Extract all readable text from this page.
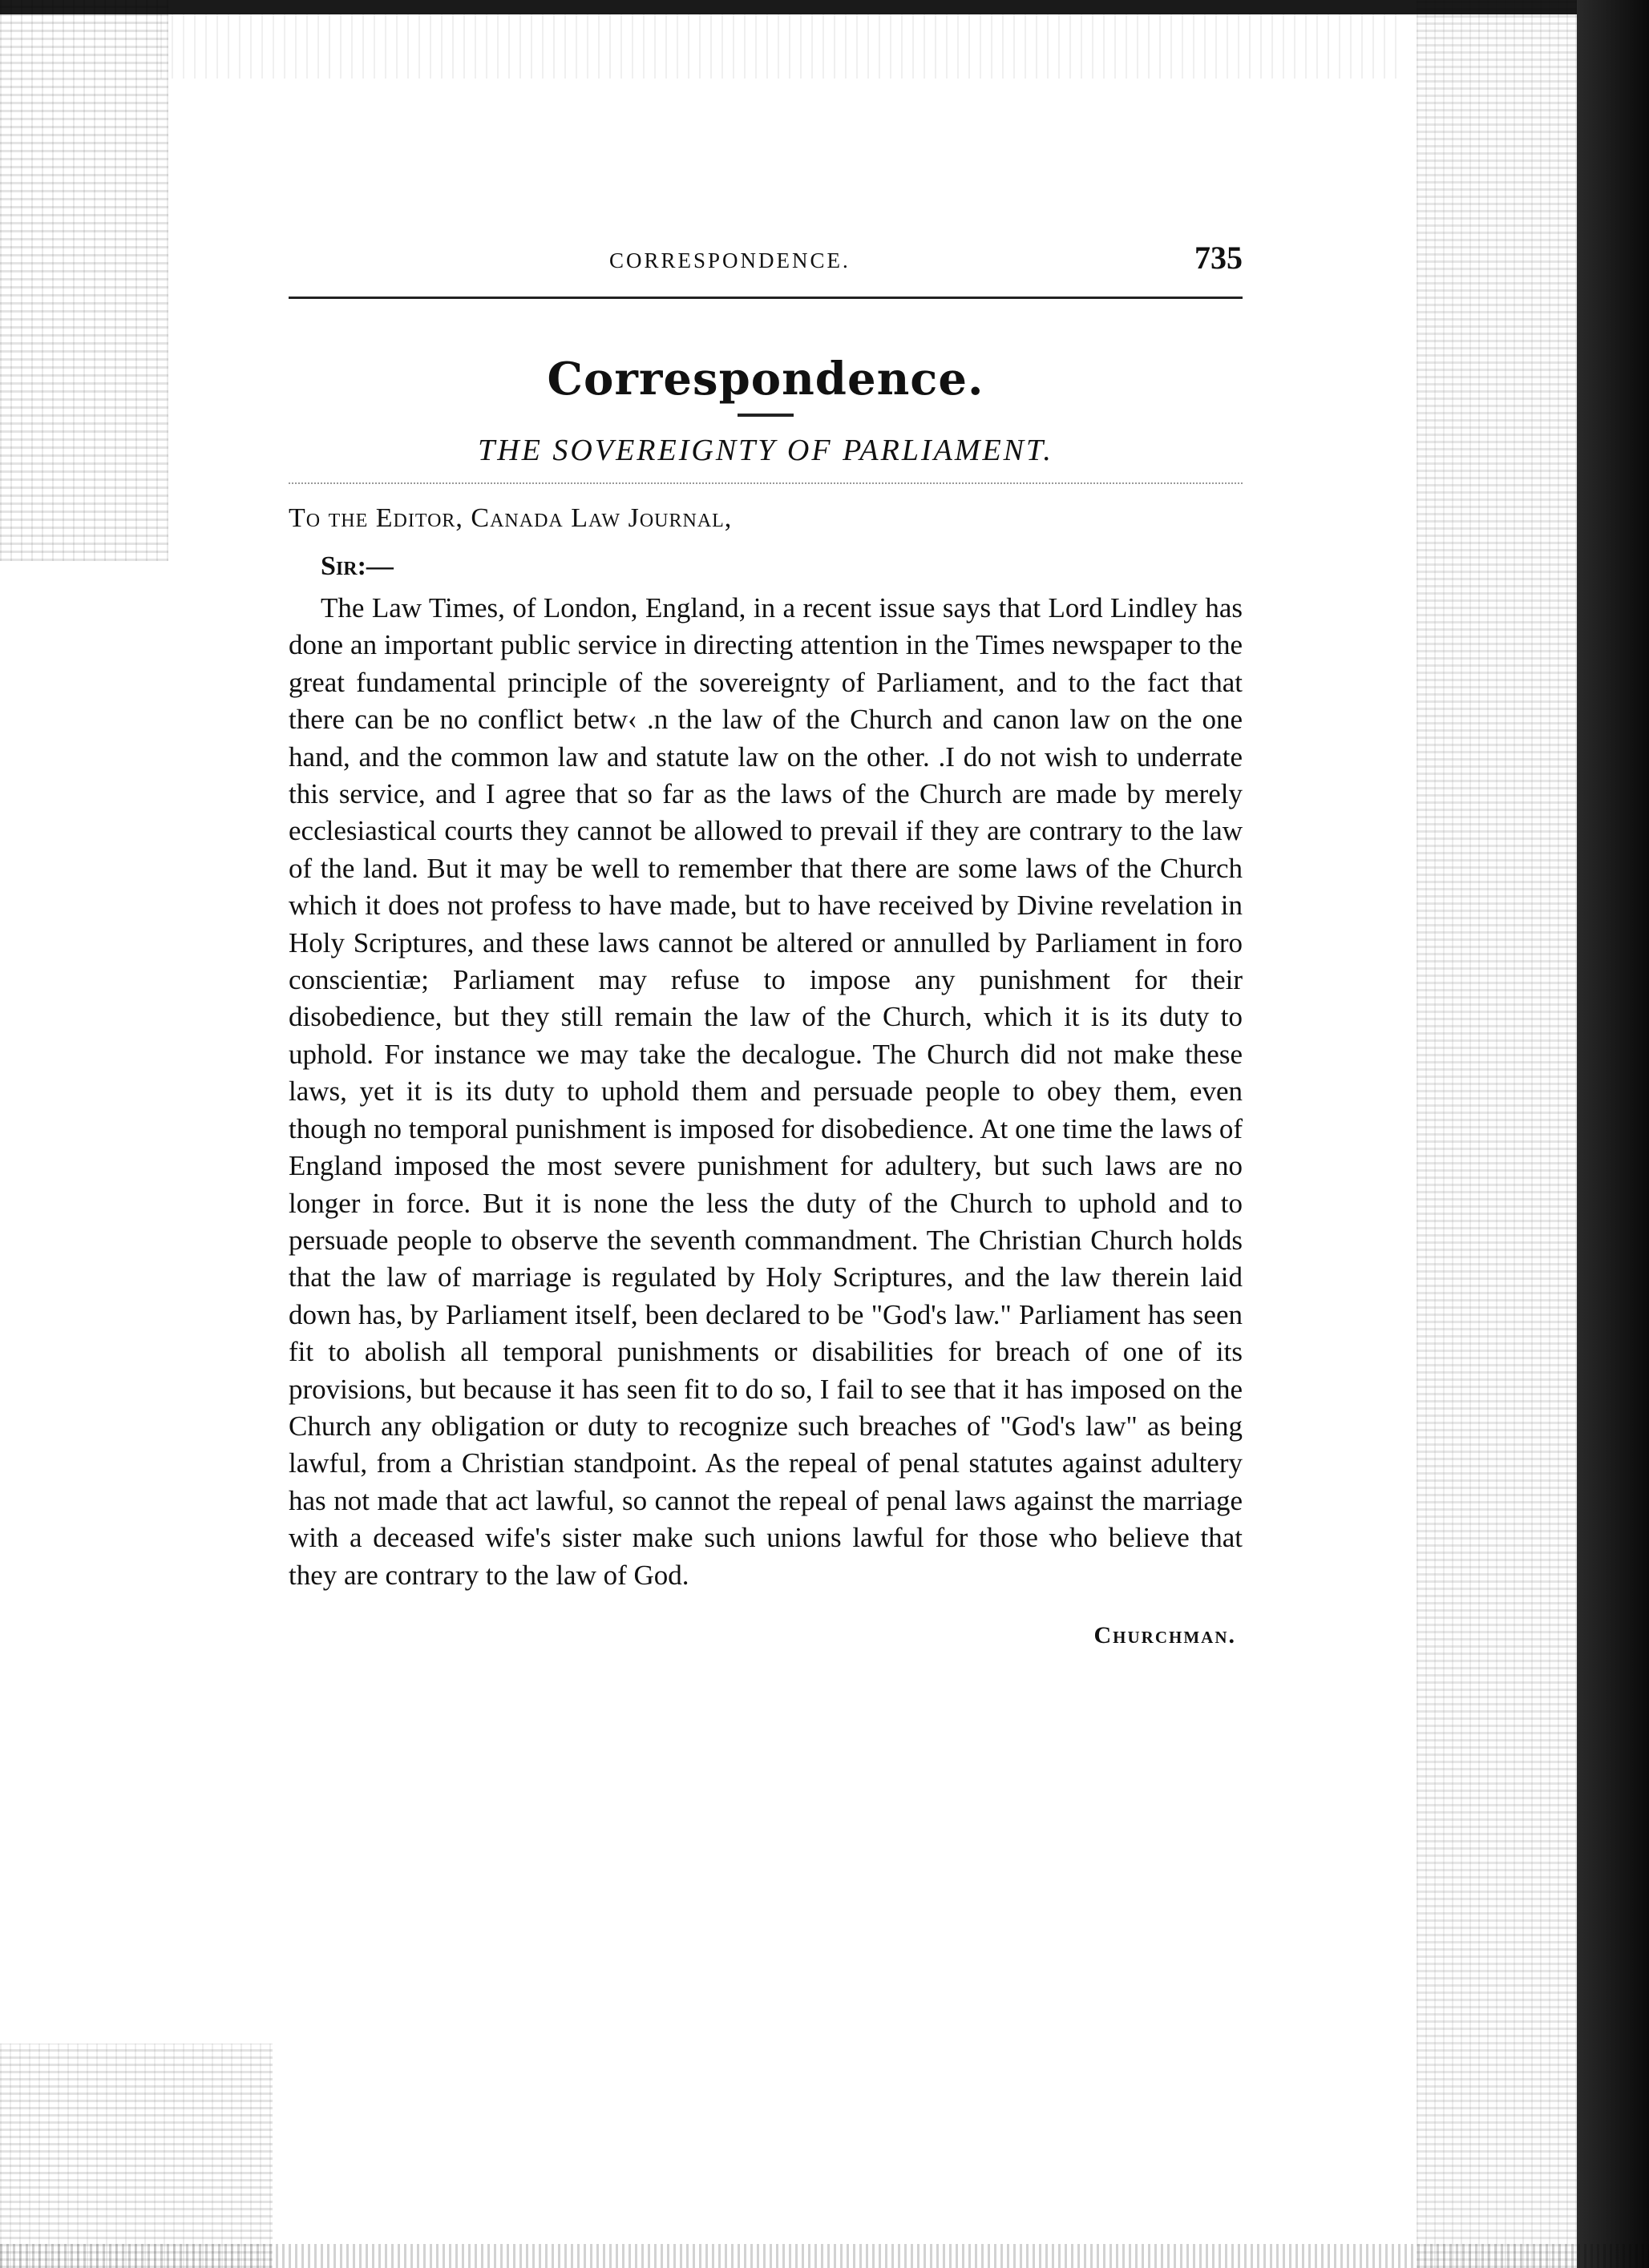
CORRESPONDENCE.	735
Correspondence.
THE SOVEREIGNTY OF PARLIAMENT.
To the Editor, Canada Law Journal,
Sir:—

The Law Times, of London, England, in a recent issue says that Lord Lindley has done an important public service in directing attention in the Times newspaper to the great fundamental principle of the sovereignty of Parliament, and to the fact that there can be no conflict betw‹ .n the law of the Church and canon law on the one hand, and the common law and statute law on the other. .I do not wish to underrate this service, and I agree that so far as the laws of the Church are made by merely ecclesiastical courts they cannot be allowed to prevail if they are contrary to the law of the land. But it may be well to remember that there are some laws of the Church which it does not profess to have made, but to have received by Divine revelation in Holy Scriptures, and these laws cannot be altered or annulled by Parliament in foro conscientiæ; Parliament may refuse to impose any punishment for their disobedience, but they still remain the law of the Church, which it is its duty to uphold. For instance we may take the decalogue. The Church did not make these laws, yet it is its duty to uphold them and persuade people to obey them, even though no temporal punishment is imposed for disobedience. At one time the laws of England imposed the most severe punishment for adultery, but such laws are no longer in force. But it is none the less the duty of the Church to uphold and to persuade people to observe the seventh commandment. The Christian Church holds that the law of marriage is regulated by Holy Scriptures, and the law therein laid down has, by Parliament itself, been declared to be "God's law." Parliament has seen fit to abolish all temporal punishments or disabilities for breach of one of its provisions, but because it has seen fit to do so, I fail to see that it has imposed on the Church any obligation or duty to recognize such breaches of "God's law" as being lawful, from a Christian standpoint. As the repeal of penal statutes against adultery has not made that act lawful, so cannot the repeal of penal laws against the marriage with a deceased wife's sister make such unions lawful for those who believe that they are contrary to the law of God.

Churchman.
